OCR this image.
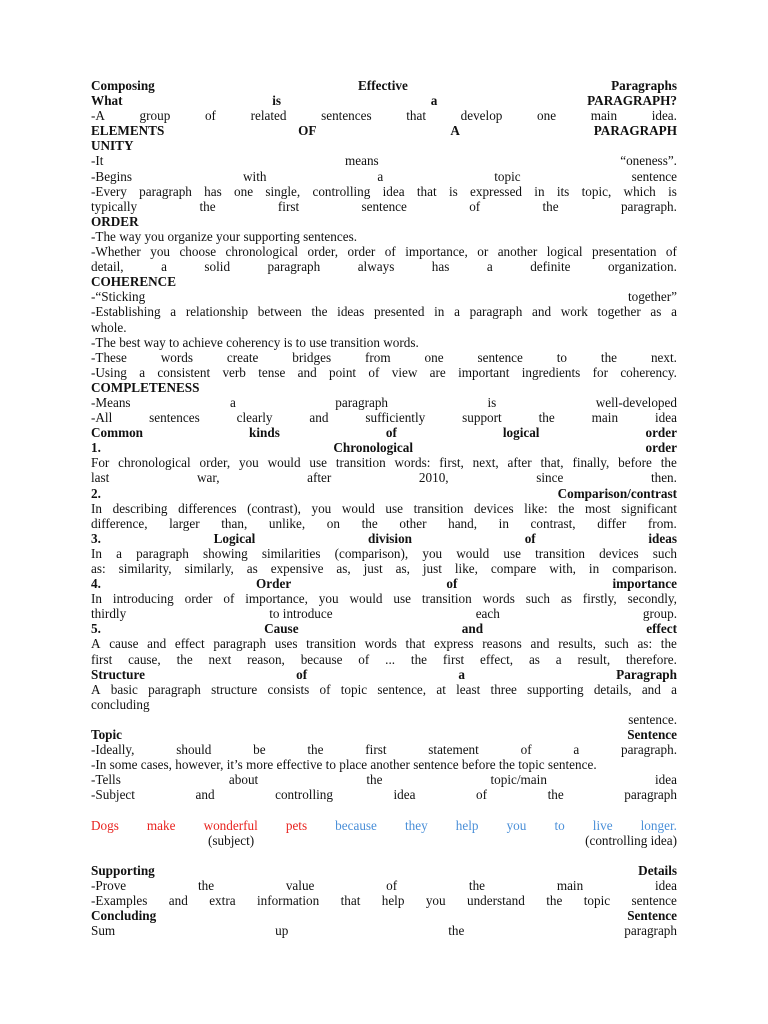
Composing	Effective	Paragraphs
What	is	a	PARAGRAPH?
-A	group	of	related	sentences	that	develop	one	main	idea.
ELEMENTS	OF	A	PARAGRAPH
UNITY
-It	means	“oneness”.
-Begins	with	a	topic	sentence
-Every paragraph has one single, controlling idea that is expressed in its topic, which is
typically	the	first	sentence	of	the	paragraph.
ORDER
-The way you organize your supporting sentences.
-Whether you choose chronological order, order of importance, or another logical presentation of
detail,	a	solid	paragraph	always	has	a	definite	organization.
COHERENCE
-“Sticking	together”
-Establishing a relationship between the ideas presented in a paragraph and work together as a
whole.
-The best way to achieve coherency is to use transition words.
-These	words	create	bridges	from	one	sentence	to	the	next.
-Using a consistent verb tense and point of view are important ingredients for coherency.
COMPLETENESS
-Means	a	paragraph	is	well-developed
-All	sentences	clearly	and	sufficiently	support	the	main	idea
Common	kinds	of	logical	order
1.	Chronological	order
For chronological order, you would use transition words: first, next, after that, finally, before the
last	war,	after	2010,	since	then.
2.	Comparison/contrast
In describing differences (contrast), you would use transition devices like: the most significant
difference, larger than, unlike, on the other hand, in contrast, differ from.
3.	Logical	division	of	ideas
In a paragraph showing similarities (comparison), you would use transition devices such
as: similarity, similarly, as expensive as, just as, just like, compare with, in comparison.
4.	Order	of	importance
In introducing order of importance, you would use transition words such as firstly, secondly,
thirdly	to introduce	each	group.
5.	Cause	and	effect
A cause and effect paragraph uses transition words that express reasons and results, such as: the
first cause, the next reason, because of ... the first effect, as a result, therefore.
Structure	of	a	Paragraph
A basic paragraph structure consists of topic sentence, at least three supporting details, and a
concluding
sentence.
Topic	Sentence
-Ideally,	should	be	the	first	statement	of	a	paragraph.
-In some cases, however, it’s more effective to place another sentence before the topic sentence.
-Tells	about	the	topic/main	idea
-Subject	and	controlling	idea	of	the	paragraph
Dogs make wonderful pets because they help you to live longer.
(subject)	(controlling idea)
Supporting	Details
-Prove	the	value	of	the	main	idea
-Examples and extra information that help you understand the topic sentence
Concluding	Sentence
Sum	up	the	paragraph
